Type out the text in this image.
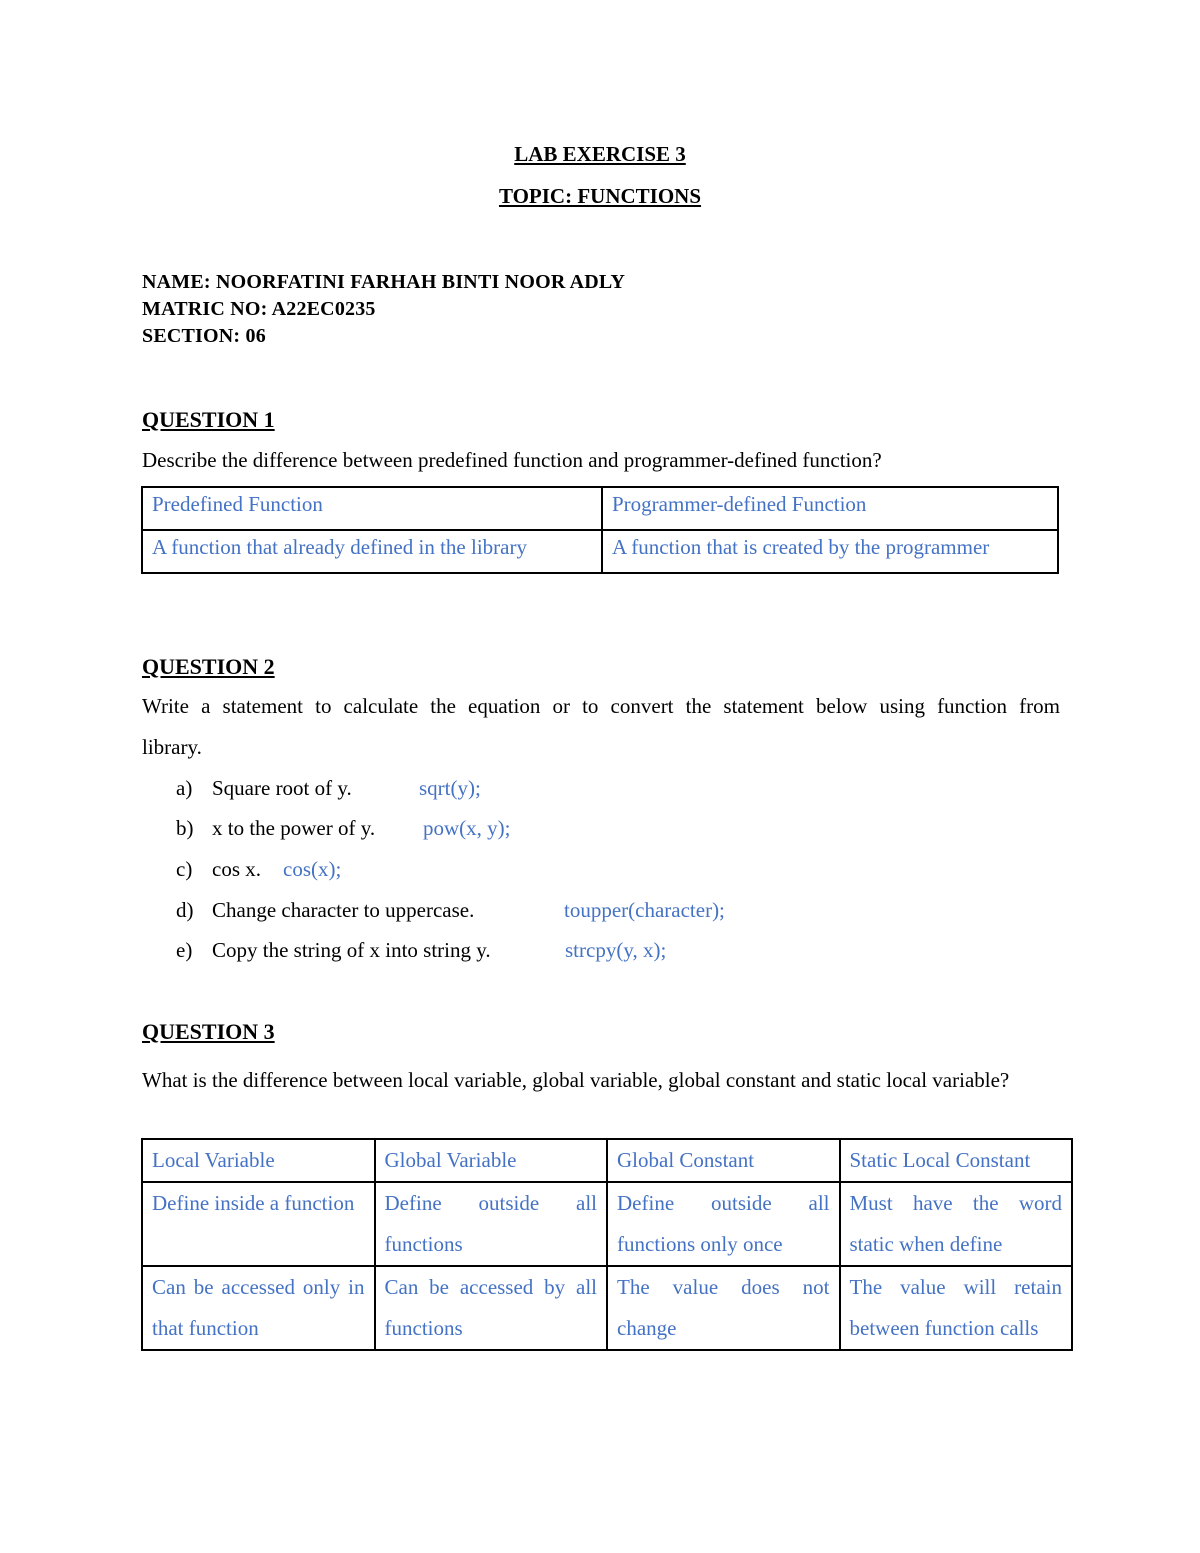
LAB EXERCISE 3
TOPIC: FUNCTIONS
NAME: NOORFATINI FARHAH BINTI NOOR ADLY
MATRIC NO: A22EC0235
SECTION: 06
QUESTION 1
Describe the difference between predefined function and programmer-defined function?
Predefined Function	Programmer-defined Function
A function that already defined in the library	A function that is created by the programmer
QUESTION 2
Write a statement to calculate the equation or to convert the statement below using function from
library.
a) Square root of y.	sqrt(y);
b) x to the power of y. pow(x, y);
c) cos x. cos(x);
d) Change character to uppercase.	toupper(character);
e) Copy the string of x into string y.	strcpy(y, x);
QUESTION 3
What is the difference between local variable, global variable, global constant and static local variable?
Local Variable	Global Variable	Global Constant	Static Local Constant
Define inside a function	Define outside all functions	Define outside all functions only once	Must have the word static when define
Can be accessed only in that function	Can be accessed by all functions	The value does not change	The value will retain between function calls
